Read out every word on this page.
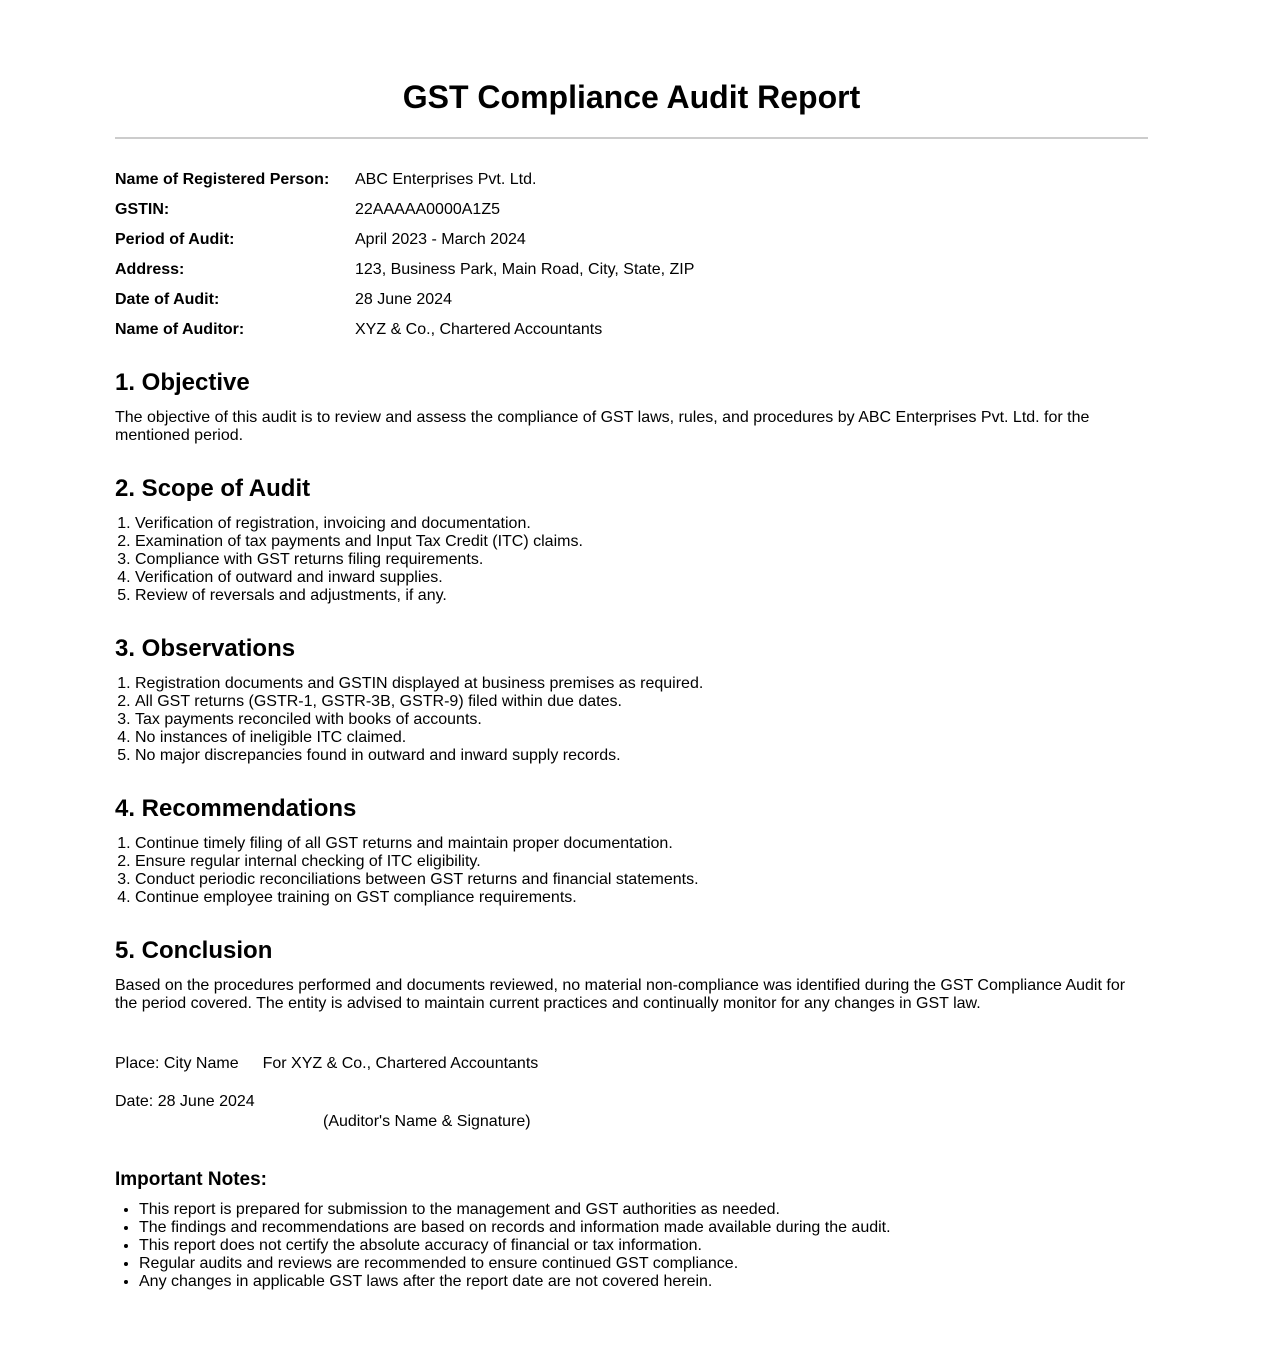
GST Compliance Audit Report
Name of Registered Person:	ABC Enterprises Pvt. Ltd.
GSTIN:	22AAAAA0000A1Z5
Period of Audit:	April 2023 - March 2024
Address:	123, Business Park, Main Road, City, State, ZIP
Date of Audit:	28 June 2024
Name of Auditor:	XYZ & Co., Chartered Accountants
1. Objective

The objective of this audit is to review and assess the compliance of GST laws, rules, and procedures by ABC Enterprises Pvt. Ltd. for the mentioned period.

2. Scope of Audit
1. Verification of registration, invoicing and documentation.
2. Examination of tax payments and Input Tax Credit (ITC) claims.
3. Compliance with GST returns filing requirements.
4. Verification of outward and inward supplies.
5. Review of reversals and adjustments, if any.
3. Observations
1. Registration documents and GSTIN displayed at business premises as required.
2. All GST returns (GSTR-1, GSTR-3B, GSTR-9) filed within due dates.
3. Tax payments reconciled with books of accounts.
4. No instances of ineligible ITC claimed.
5. No major discrepancies found in outward and inward supply records.
4. Recommendations
1. Continue timely filing of all GST returns and maintain proper documentation.
2. Ensure regular internal checking of ITC eligibility.
3. Conduct periodic reconciliations between GST returns and financial statements.
4. Continue employee training on GST compliance requirements.
5. Conclusion

Based on the procedures performed and documents reviewed, no material non-compliance was identified during the GST Compliance Audit for the period covered. The entity is advised to maintain current practices and continually monitor for any changes in GST law.

Place: City Name For XYZ & Co., Chartered Accountants
Date: 28 June 2024
(Auditor's Name & Signature)
Important Notes:
• This report is prepared for submission to the management and GST authorities as needed.
• The findings and recommendations are based on records and information made available during the audit.
• This report does not certify the absolute accuracy of financial or tax information.
• Regular audits and reviews are recommended to ensure continued GST compliance.
• Any changes in applicable GST laws after the report date are not covered herein.
